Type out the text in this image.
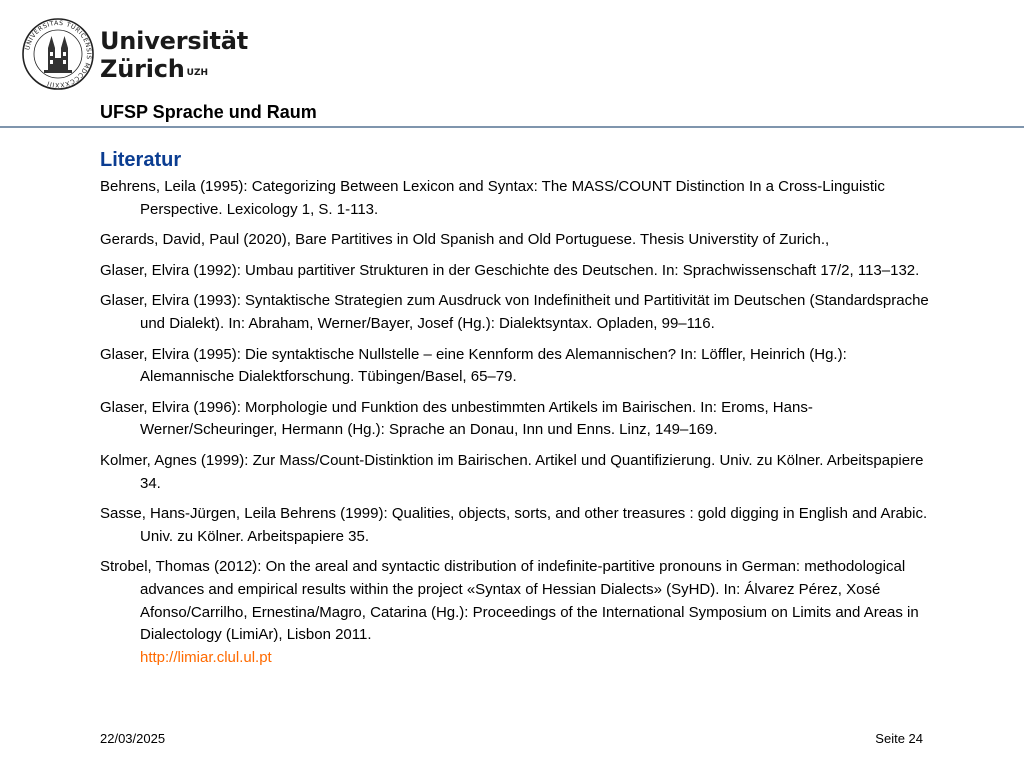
UNIVERSITAS TURICENSIS MDCCCXXXIII
Universität
Zürich $^{UZH}$
UFSP Sprache und Raum
Literatur
Behrens, Leila (1995): Categorizing Between Lexicon and Syntax: The MASS/COUNT Distinction In a Cross-Linguistic Perspective. Lexicology 1, S. 1-113.
Gerards, David, Paul (2020), Bare Partitives in Old Spanish and Old Portuguese. Thesis Universtity of Zurich.,
Glaser, Elvira (1992): Umbau partitiver Strukturen in der Geschichte des Deutschen. In: Sprachwissenschaft 17/2, 113–132.
Glaser, Elvira (1993): Syntaktische Strategien zum Ausdruck von Indefinitheit und Partitivität im Deutschen (Standardsprache und Dialekt). In: Abraham, Werner/Bayer, Josef (Hg.): Dialektsyntax. Opladen, 99–116.
Glaser, Elvira (1995): Die syntaktische Nullstelle – eine Kennform des Alemannischen? In: Löffler, Heinrich (Hg.): Alemannische Dialektforschung. Tübingen/Basel, 65–79.
Glaser, Elvira (1996): Morphologie und Funktion des unbestimmten Artikels im Bairischen. In: Eroms, Hans-Werner/Scheuringer, Hermann (Hg.): Sprache an Donau, Inn und Enns. Linz, 149–169.
Kolmer, Agnes (1999): Zur Mass/Count-Distinktion im Bairischen. Artikel und Quantifizierung. Univ. zu Kölner. Arbeitspapiere 34.
Sasse, Hans-Jürgen, Leila Behrens (1999): Qualities, objects, sorts, and other treasures : gold digging in English and Arabic. Univ. zu Kölner. Arbeitspapiere 35.
Strobel, Thomas (2012): On the areal and syntactic distribution of indefinite-partitive pronouns in German: methodological advances and empirical results within the project «Syntax of Hessian Dialects» (SyHD). In: Álvarez Pérez, Xosé Afonso/Carrilho, Ernestina/Magro, Catarina (Hg.): Proceedings of the International Symposium on Limits and Areas in Dialectology (LimiAr), Lisbon 2011.
http://limiar.clul.ul.pt
22/03/2025	Seite 24
